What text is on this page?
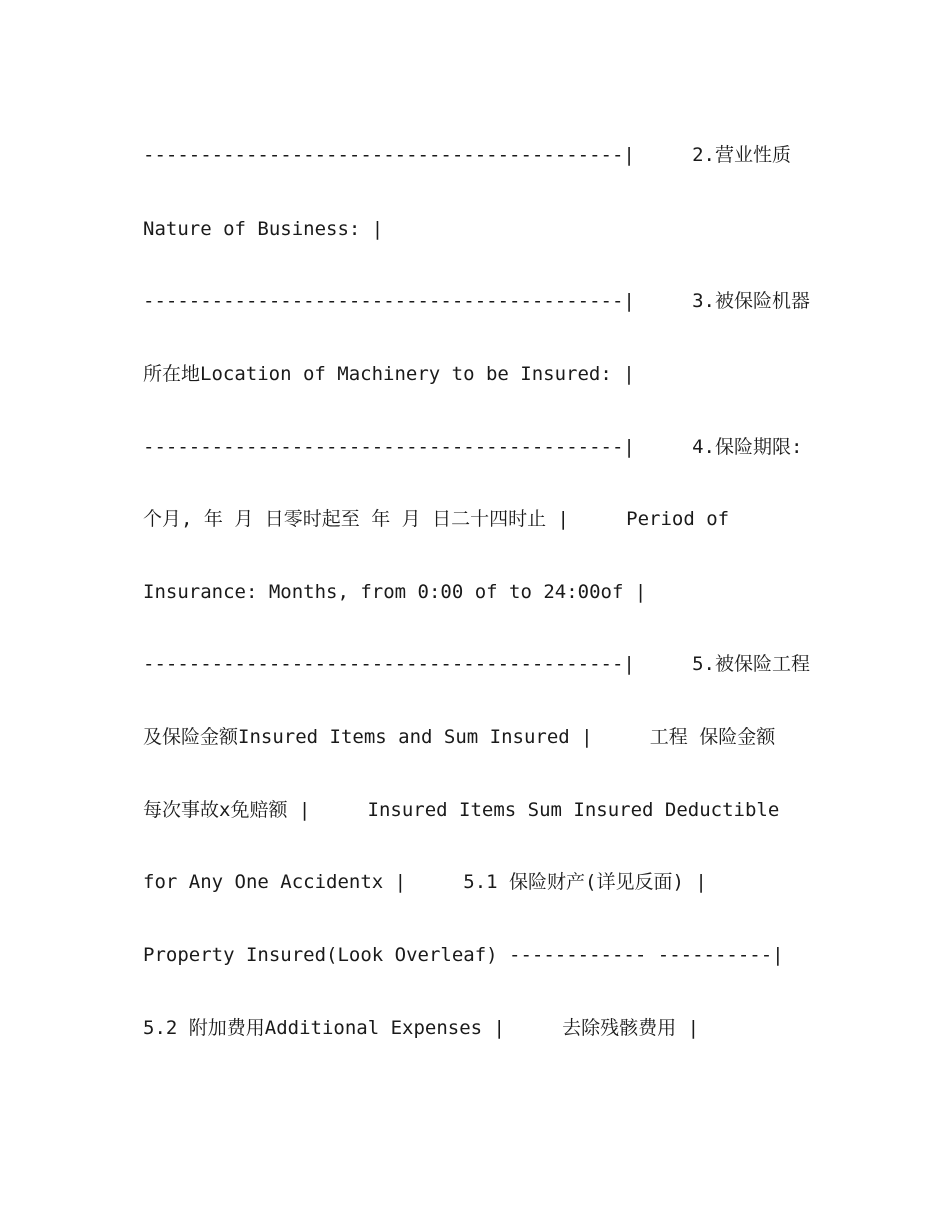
------------------------------------------|     2.营业性质
Nature of Business: |
------------------------------------------|     3.被保险机器
所在地Location of Machinery to be Insured: |
------------------------------------------|     4.保险期限:
个月, 年 月 日零时起至 年 月 日二十四时止 |     Period of
Insurance: Months, from 0:00 of to 24:00of |
------------------------------------------|     5.被保险工程
及保险金额Insured Items and Sum Insured |     工程 保险金额
每次事故x免赔额 |     Insured Items Sum Insured Deductible
for Any One Accidentx |     5.1 保险财产(详见反面) |
Property Insured(Look Overleaf) ------------ ----------|
5.2 附加费用Additional Expenses |     去除残骸费用 |
